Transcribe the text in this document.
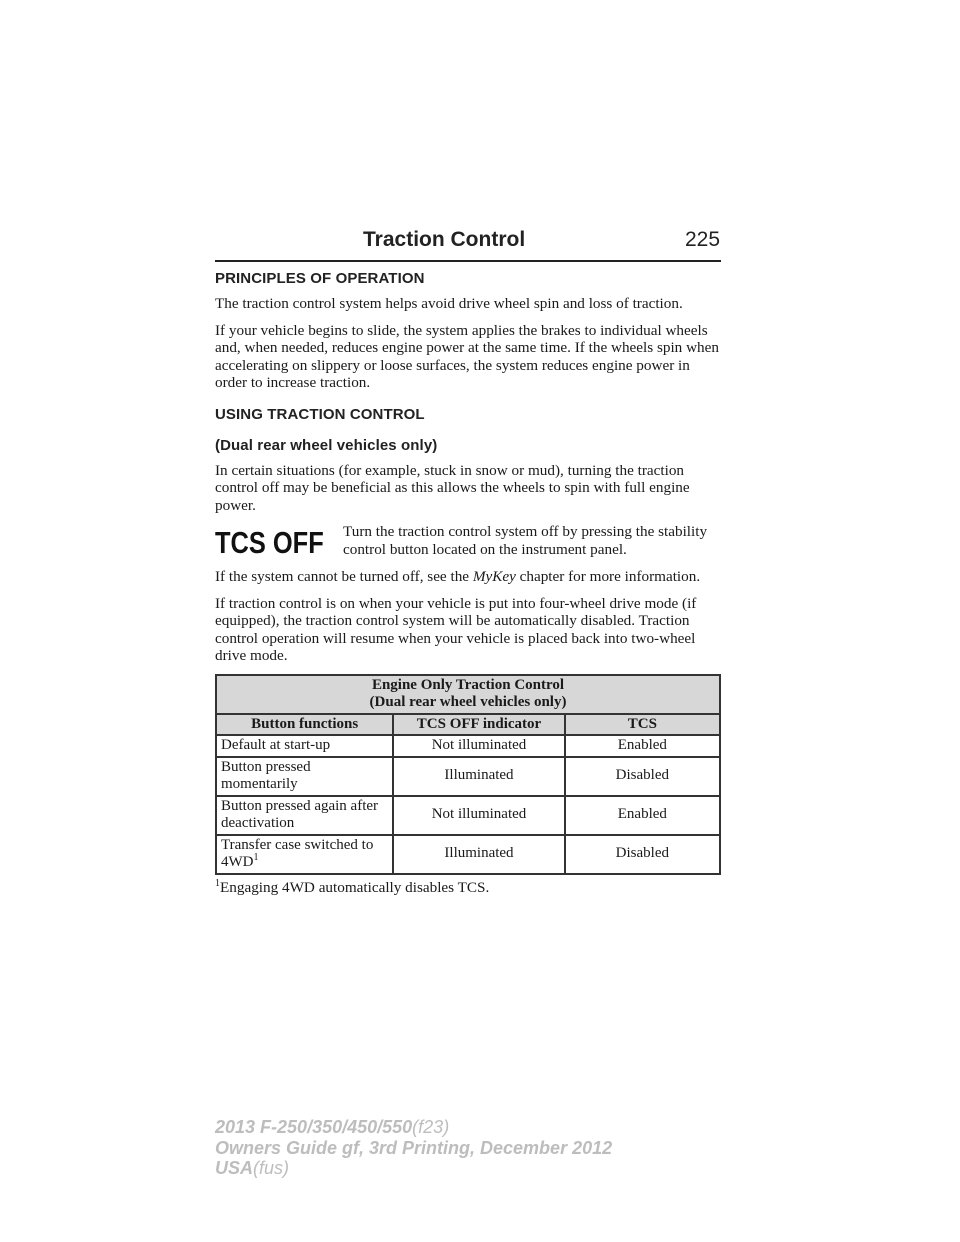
Traction Control	225
PRINCIPLES OF OPERATION

The traction control system helps avoid drive wheel spin and loss of traction.

If your vehicle begins to slide, the system applies the brakes to individual wheels and, when needed, reduces engine power at the same time. If the wheels spin when accelerating on slippery or loose surfaces, the system reduces engine power in order to increase traction.

USING TRACTION CONTROL
(Dual rear wheel vehicles only)

In certain situations (for example, stuck in snow or mud), turning the traction control off may be beneficial as this allows the wheels to spin with full engine power.

TCS OFF Turn the traction control system off by pressing the stability control button located on the instrument panel.

If the system cannot be turned off, see the MyKey chapter for more information.

If traction control is on when your vehicle is put into four-wheel drive mode (if equipped), the traction control system will be automatically disabled. Traction control operation will resume when your vehicle is placed back into two-wheel drive mode.

Engine Only Traction Control
(Dual rear wheel vehicles only)		

Button functions	TCS OFF indicator	TCS
Default at start-up	Not illuminated	Enabled
Button pressed momentarily	Illuminated	Disabled
Button pressed again after deactivation	Not illuminated	Enabled
Transfer case switched to $4WD^1$	Illuminated	Disabled
$^1$Engaging 4WD automatically disables TCS.
2013 F-250/350/450/550(f23)
Owners Guide gf, 3rd Printing, December 2012
USA(fus)
